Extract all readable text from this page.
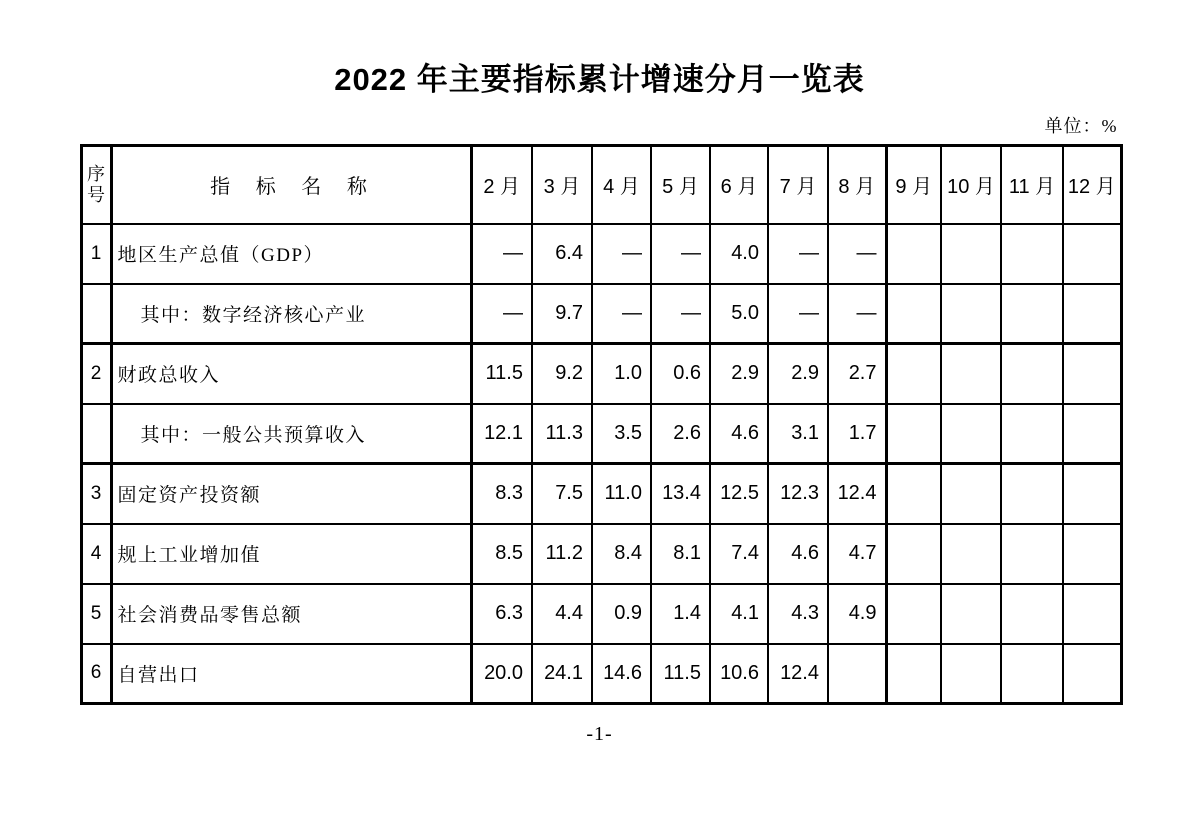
2022 年主要指标累计增速分月一览表
单位：%
序号	指 标 名 称	2 月	3 月	4 月	5 月	6 月	7 月	8 月	9 月	10 月	11 月	12 月
1	地区生产总值（GDP）	—	6.4	—	—	4.0	—	—				
	其中：数字经济核心产业	—	9.7	—	—	5.0	—	—				
2	财政总收入	11.5	9.2	1.0	0.6	2.9	2.9	2.7				
	其中：一般公共预算收入	12.1	11.3	3.5	2.6	4.6	3.1	1.7				
3	固定资产投资额	8.3	7.5	11.0	13.4	12.5	12.3	12.4				
4	规上工业增加值	8.5	11.2	8.4	8.1	7.4	4.6	4.7				
5	社会消费品零售总额	6.3	4.4	0.9	1.4	4.1	4.3	4.9				
6	自营出口	20.0	24.1	14.6	11.5	10.6	12.4					
-1-
